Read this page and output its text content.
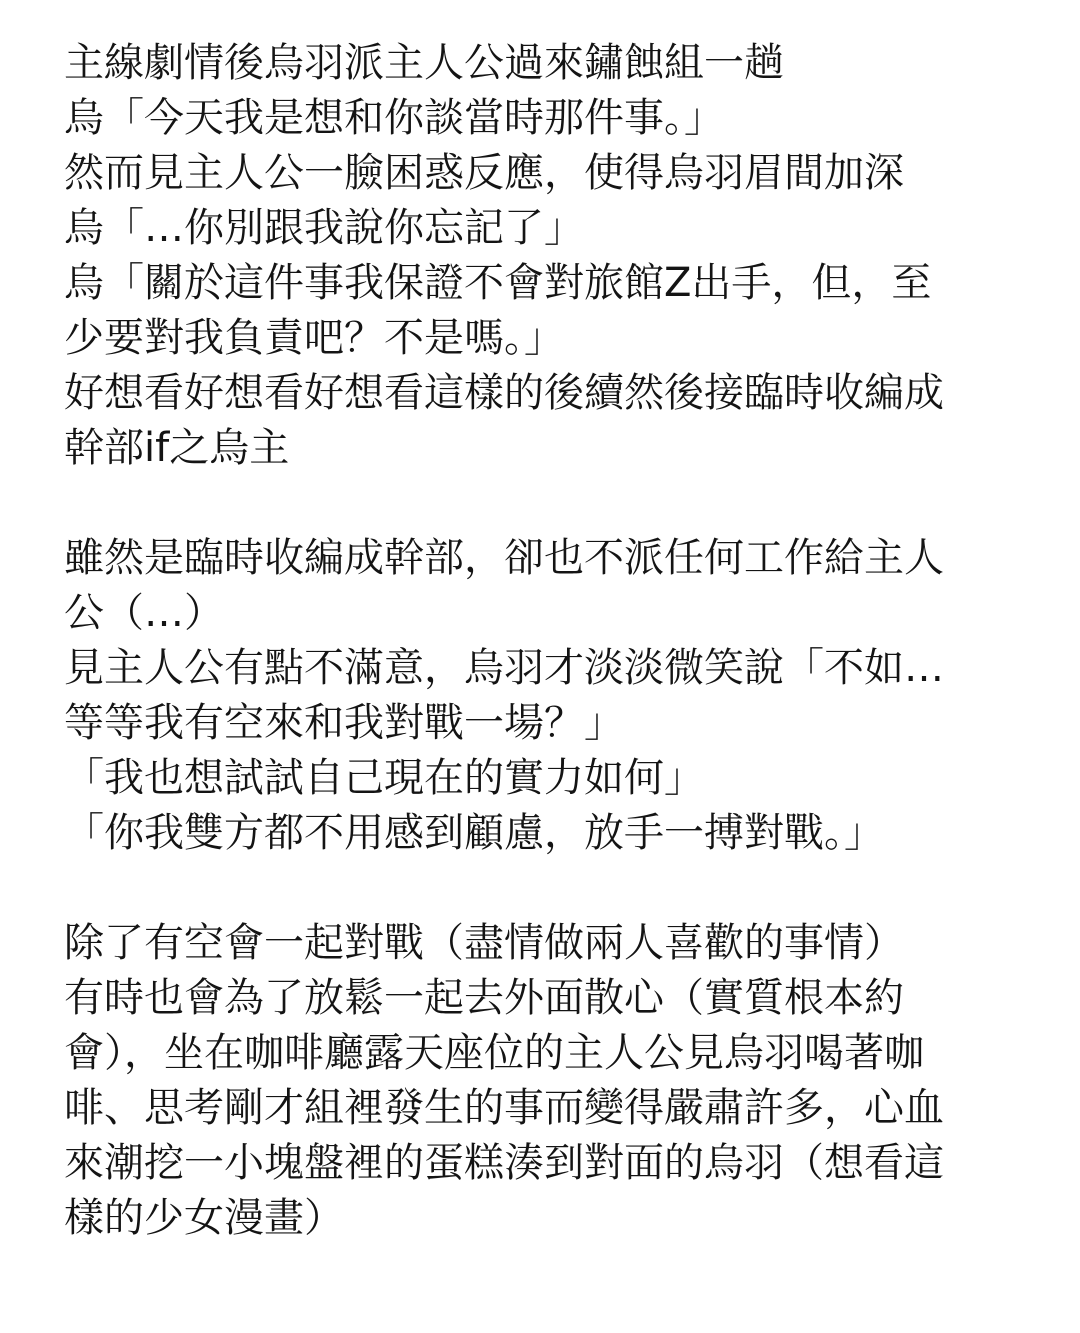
主線劇情後烏羽派主人公過來鏽蝕組一趟
烏「今天我是想和你談當時那件事。」
然而見主人公一臉困惑反應，使得烏羽眉間加深
烏「…你別跟我說你忘記了」
烏「關於這件事我保證不會對旅館Z出手，但，至
少要對我負責吧？不是嗎。」
好想看好想看好想看這樣的後續然後接臨時收編成
幹部if之烏主
雖然是臨時收編成幹部，卻也不派任何工作給主人
公（…）
見主人公有點不滿意，烏羽才淡淡微笑說「不如…
等等我有空來和我對戰一場？」
「我也想試試自己現在的實力如何」
「你我雙方都不用感到顧慮，放手一搏對戰。」
除了有空會一起對戰（盡情做兩人喜歡的事情）
有時也會為了放鬆一起去外面散心（實質根本約
會），坐在咖啡廳露天座位的主人公見烏羽喝著咖
啡、思考剛才組裡發生的事而變得嚴肅許多，心血
來潮挖一小塊盤裡的蛋糕湊到對面的烏羽（想看這
樣的少女漫畫）
